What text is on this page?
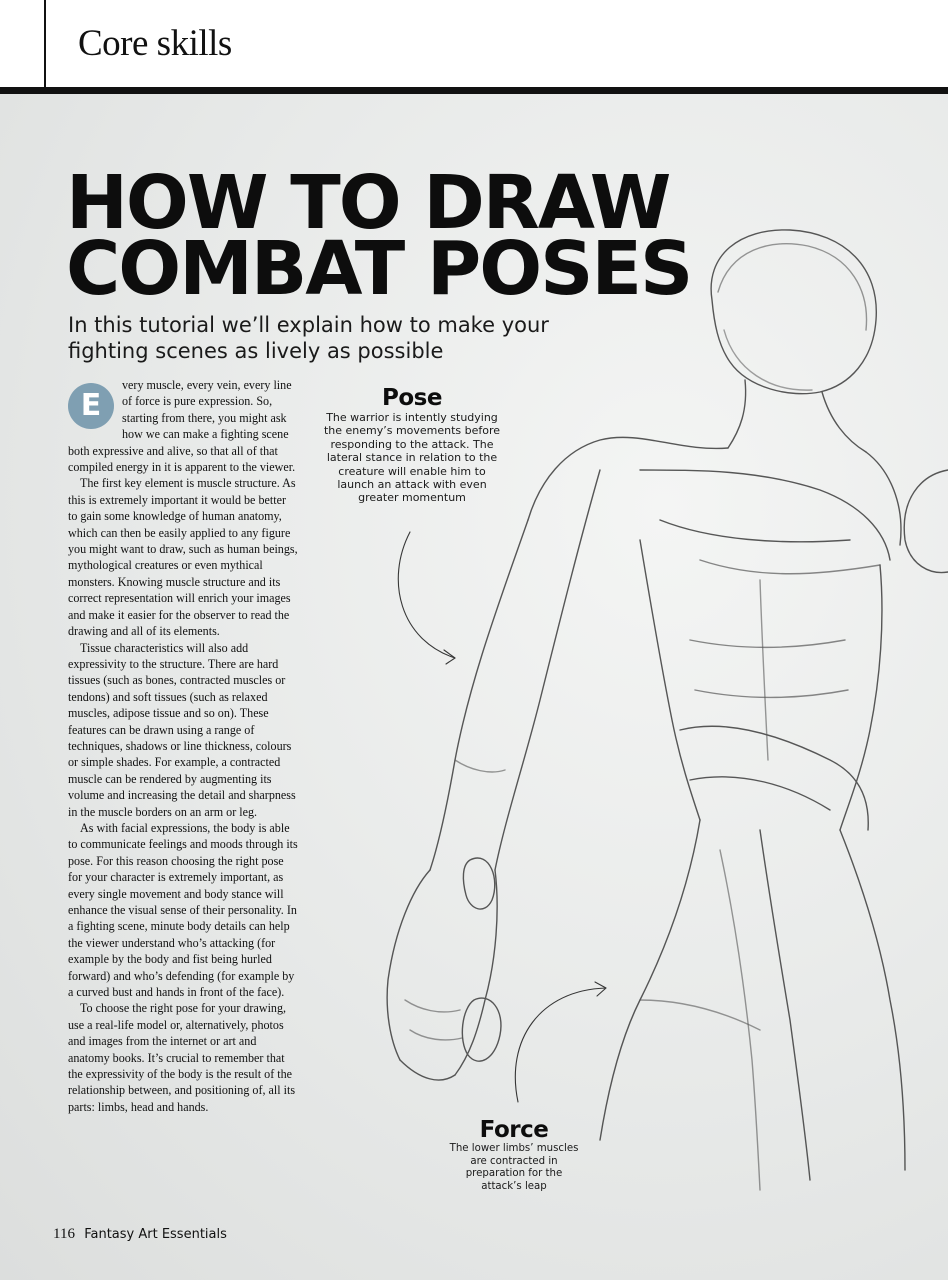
Core skills
HOW TO DRAW
COMBAT POSES

In this tutorial we’ll explain how to make your fighting scenes as lively as possible

E
very muscle, every vein, every line of force is pure expression. So, starting from there, you might ask how we can make a fighting scene both expressive and alive, so that all of that compiled energy in it is apparent to the viewer.

The first key element is muscle structure. As this is extremely important it would be better to gain some knowledge of human anatomy, which can then be easily applied to any figure you might want to draw, such as human beings, mythological creatures or even mythical monsters. Knowing muscle structure and its correct representation will enrich your images and make it easier for the observer to read the drawing and all of its elements.

Tissue characteristics will also add expressivity to the structure. There are hard tissues (such as bones, contracted muscles or tendons) and soft tissues (such as relaxed muscles, adipose tissue and so on). These features can be drawn using a range of techniques, shadows or line thickness, colours or simple shades. For example, a contracted muscle can be rendered by augmenting its volume and increasing the detail and sharpness in the muscle borders on an arm or leg.

As with facial expressions, the body is able to communicate feelings and moods through its pose. For this reason choosing the right pose for your character is extremely important, as every single movement and body stance will enhance the visual sense of their personality. In a fighting scene, minute body details can help the viewer understand who’s attacking (for example by the body and fist being hurled forward) and who’s defending (for example by a curved bust and hands in front of the face).

To choose the right pose for your drawing, use a real-life model or, alternatively, photos and images from the internet or art and anatomy books. It’s crucial to remember that the expressivity of the body is the result of the relationship between, and positioning of, all its parts: limbs, head and hands.

Pose

The warrior is intently studying the enemy’s movements before responding to the attack. The lateral stance in relation to the creature will enable him to launch an attack with even greater momentum

Force

The lower limbs’ muscles are contracted in preparation for the attack’s leap

116 Fantasy Art Essentials
